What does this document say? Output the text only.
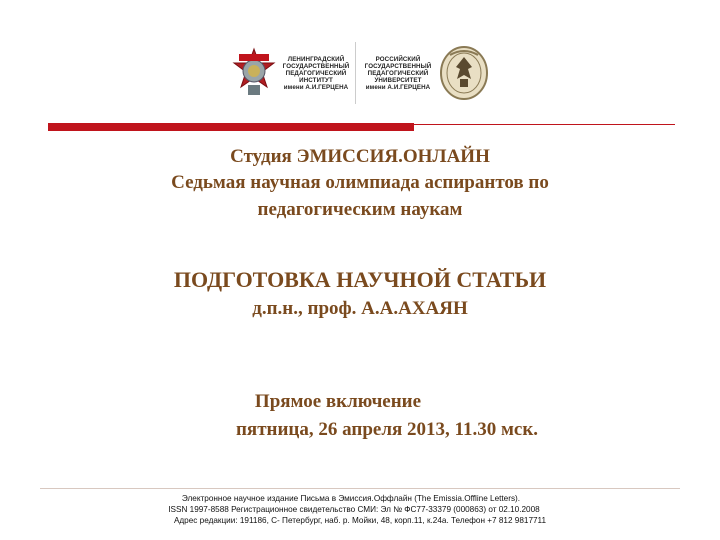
ЛЕНИНГРАДСКИЙ
ГОСУДАРСТВЕННЫЙ
ПЕДАГОГИЧЕСКИЙ
ИНСТИТУТ
имени А.И.ГЕРЦЕНА
РОССИЙСКИЙ
ГОСУДАРСТВЕННЫЙ
ПЕДАГОГИЧЕСКИЙ
УНИВЕРСИТЕТ
имени А.И.ГЕРЦЕНА
Студия ЭМИССИЯ.ОНЛАЙН
Седьмая научная олимпиада аспирантов по
педагогическим наукам
ПОДГОТОВКА НАУЧНОЙ СТАТЬИ
д.п.н., проф. А.А.АХАЯН
Прямое включение
пятница, 26 апреля 2013, 11.30 мск.
Электронное научное издание Письма в Эмиссия.Оффлайн (The Emissia.Offline Letters).
ISSN 1997-8588 Регистрационное свидетельство СМИ: Эл № ФС77-33379 (000863) от 02.10.2008
Адрес редакции: 191186, С- Петербург, наб. р. Мойки, 48, корп.11, к.24а. Телефон +7 812 9817711
